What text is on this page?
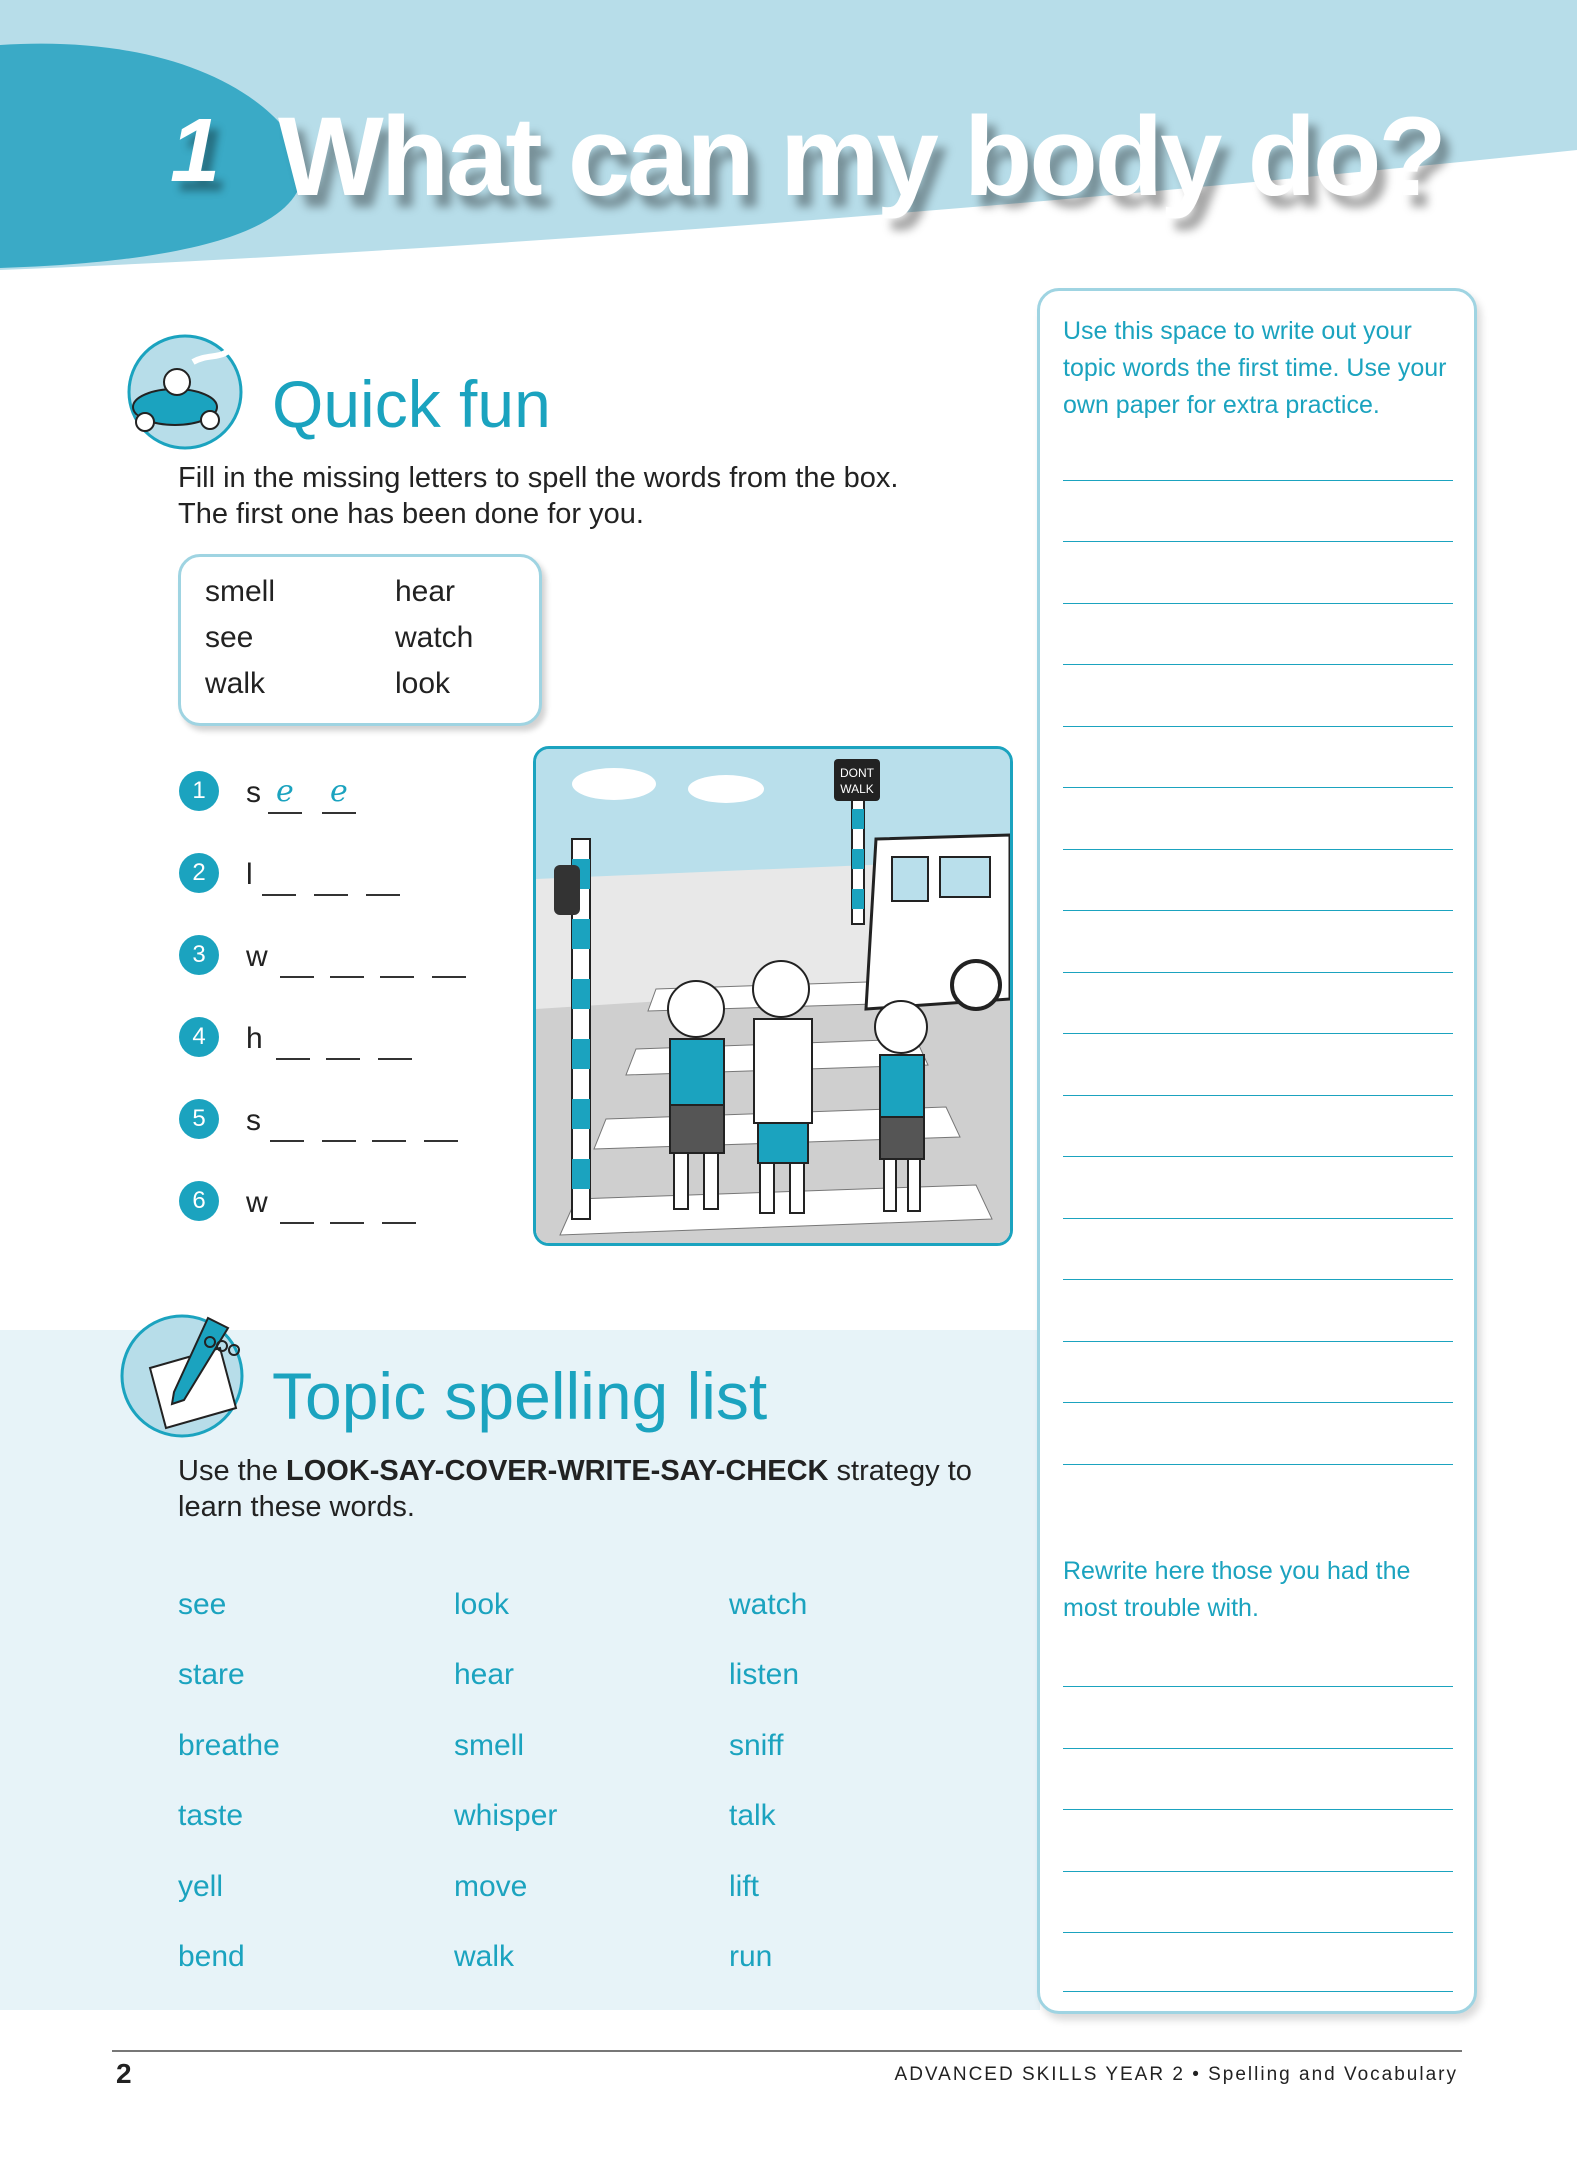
1 What can my body do?
Quick fun
Fill in the missing letters to spell the words from the box.
The first one has been done for you.
smell	hear
see	watch
walk	look
1	s e e
2	l
3	w
4	h
5	s
6	w
DONT
WALK
Topic spelling list
Use the LOOK-SAY-COVER-WRITE-SAY-CHECK strategy to
learn these words.
see	look	watch
stare	hear	listen
breathe	smell	sniff
taste	whisper	talk
yell	move	lift
bend	walk	run
Use this space to write out your
topic words the first time. Use your
own paper for extra practice.
Rewrite here those you had the
most trouble with.
2	ADVANCED SKILLS YEAR 2 • Spelling and Vocabulary
